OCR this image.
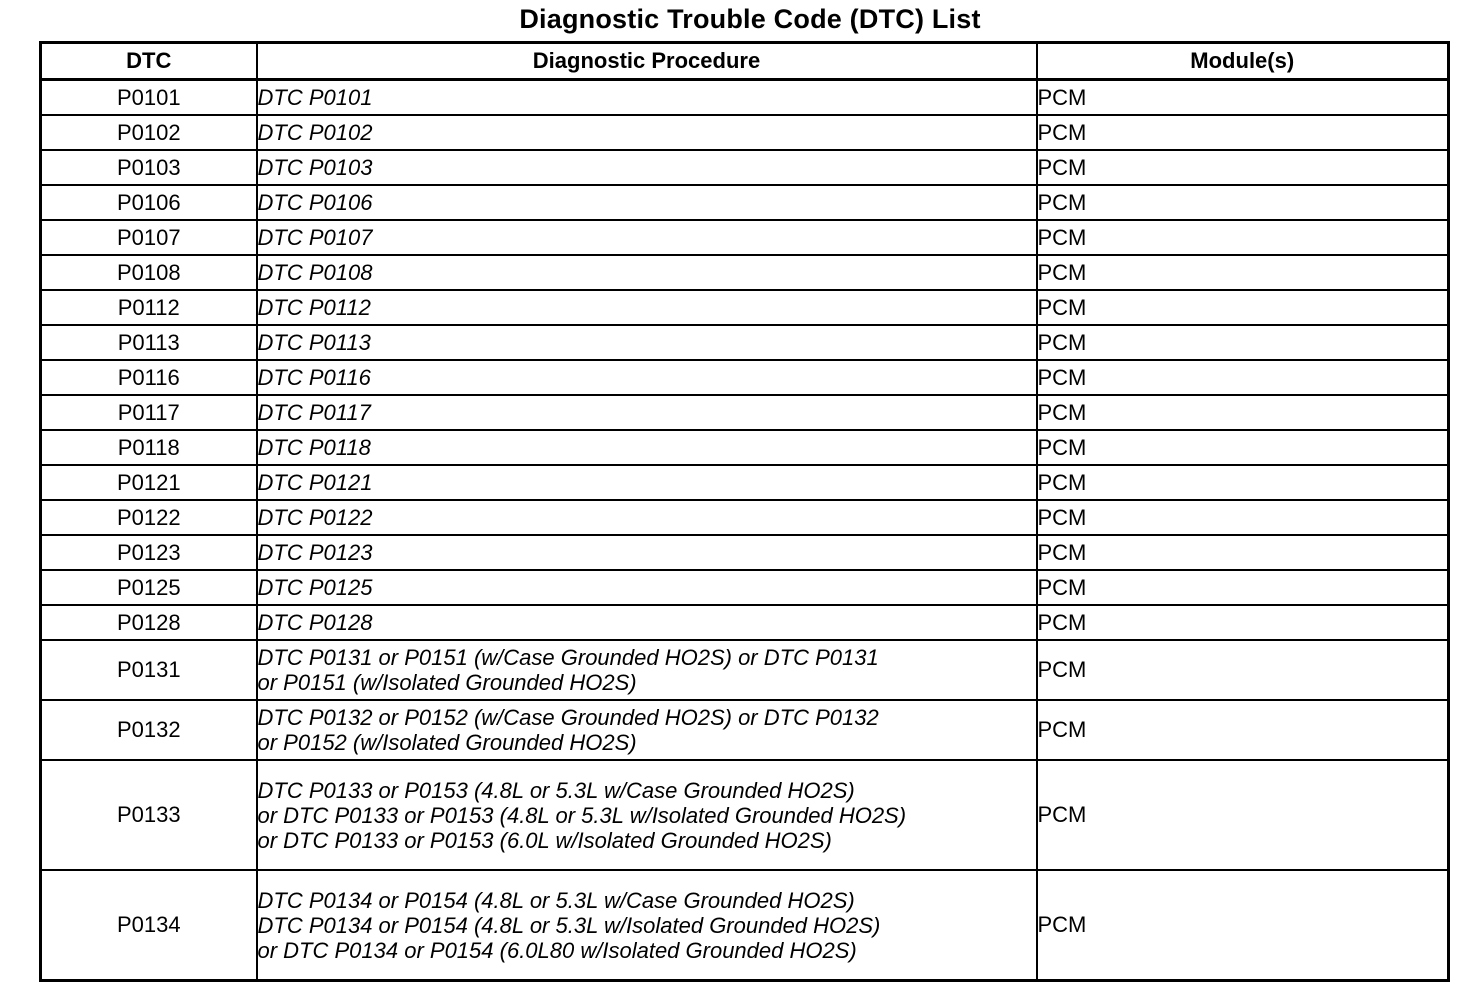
Diagnostic Trouble Code (DTC) List
DTC	Diagnostic Procedure	Module(s)
P0101	DTC P0101	PCM
P0102	DTC P0102	PCM
P0103	DTC P0103	PCM
P0106	DTC P0106	PCM
P0107	DTC P0107	PCM
P0108	DTC P0108	PCM
P0112	DTC P0112	PCM
P0113	DTC P0113	PCM
P0116	DTC P0116	PCM
P0117	DTC P0117	PCM
P0118	DTC P0118	PCM
P0121	DTC P0121	PCM
P0122	DTC P0122	PCM
P0123	DTC P0123	PCM
P0125	DTC P0125	PCM
P0128	DTC P0128	PCM
P0131	DTC P0131 or P0151 (w/Case Grounded HO2S) or DTC P0131
or P0151 (w/Isolated Grounded HO2S)	PCM
P0132	DTC P0132 or P0152 (w/Case Grounded HO2S) or DTC P0132
or P0152 (w/Isolated Grounded HO2S)	PCM
P0133	DTC P0133 or P0153 (4.8L or 5.3L w/Case Grounded HO2S)
or DTC P0133 or P0153 (4.8L or 5.3L w/Isolated Grounded HO2S)
or DTC P0133 or P0153 (6.0L w/Isolated Grounded HO2S)	PCM
P0134	DTC P0134 or P0154 (4.8L or 5.3L w/Case Grounded HO2S)
DTC P0134 or P0154 (4.8L or 5.3L w/Isolated Grounded HO2S)
or DTC P0134 or P0154 (6.0L80 w/Isolated Grounded HO2S)	PCM
